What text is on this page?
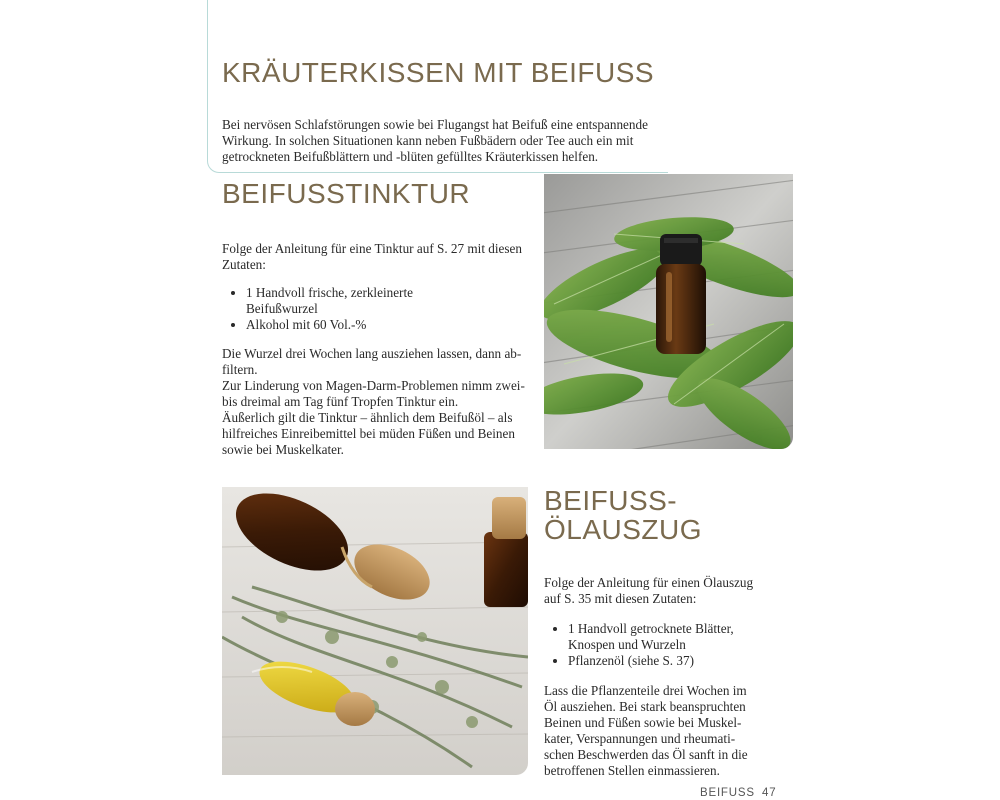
KRÄUTERKISSEN MIT BEIFUSS

Bei nervösen Schlafstörungen sowie bei Flugangst hat Beifuß eine entspannende
Wirkung. In solchen Situationen kann neben Fußbädern oder Tee auch ein mit
getrockneten Beifußblättern und -blüten gefülltes Kräuterkissen helfen.

BEIFUSSTINKTUR

Folge der Anleitung für eine Tinktur auf S. 27 mit diesen
Zutaten:

• 1 Handvoll frische, zerkleinerte
Beifußwurzel
• Alkohol mit 60 Vol.-%

Die Wurzel drei Wochen lang ausziehen lassen, dann ab-
filtern.
Zur Linderung von Magen-Darm-Problemen nimm zwei-
bis dreimal am Tag fünf Tropfen Tinktur ein.
Äußerlich gilt die Tinktur – ähnlich dem Beifußöl – als
hilfreiches Einreibemittel bei müden Füßen und Beinen
sowie bei Muskelkater.

BEIFUSS-
ÖLAUSZUG

Folge der Anleitung für einen Ölauszug
auf S. 35 mit diesen Zutaten:

• 1 Handvoll getrocknete Blätter,
Knospen und Wurzeln
• Pflanzenöl (siehe S. 37)

Lass die Pflanzenteile drei Wochen im
Öl ausziehen. Bei stark beanspruchten
Beinen und Füßen sowie bei Muskel-
kater, Verspannungen und rheumati-
schen Beschwerden das Öl sanft in die
betroffenen Stellen einmassieren.

BEIFUSS 47
